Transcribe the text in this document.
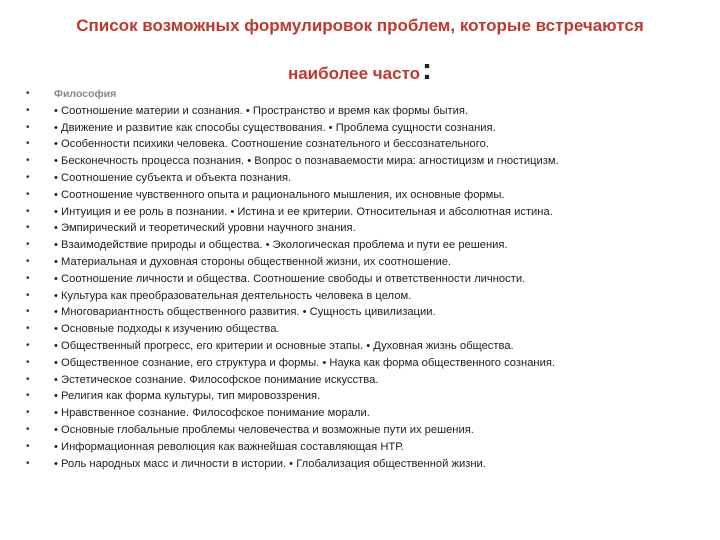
Список возможных формулировок проблем, которые встречаются
наиболее часто:
•	Философия
•	• Соотношение материи и сознания. • Пространство и время как формы бытия.
•	• Движение и развитие как способы существования. • Проблема сущности сознания.
•	• Особенности психики человека. Соотношение сознательного и бессознательного.
•	• Бесконечность процесса познания. • Вопрос о познаваемости мира: агностицизм и гностицизм.
•	• Соотношение субъекта и объекта познания.
•	• Соотношение чувственного опыта и рационального мышления, их основные формы.
•	• Интуиция и ее роль в познании. • Истина и ее критерии. Относительная и абсолютная истина.
•	• Эмпирический и теоретический уровни научного знания.
•	• Взаимодействие природы и общества. • Экологическая проблема и пути ее решения.
•	• Материальная и духовная стороны общественной жизни, их соотношение.
•	• Соотношение личности и общества. Соотношение свободы и ответственности личности.
•	• Культура как преобразовательная деятельность человека в целом.
•	• Многовариантность общественного развития. • Сущность цивилизации.
•	• Основные подходы к изучению общества.
•	• Общественный прогресс, его критерии и основные этапы. • Духовная жизнь общества.
•	• Общественное сознание, его структура и формы. • Наука как форма общественного сознания.
•	• Эстетическое сознание. Философское понимание искусства.
•	• Религия как форма культуры, тип мировоззрения.
•	• Нравственное сознание. Философское понимание морали.
•	• Основные глобальные проблемы человечества и возможные пути их решения.
•	• Информационная революция как важнейшая составляющая НТР.
•	• Роль народных масс и личности в истории. • Глобализация общественной жизни.
